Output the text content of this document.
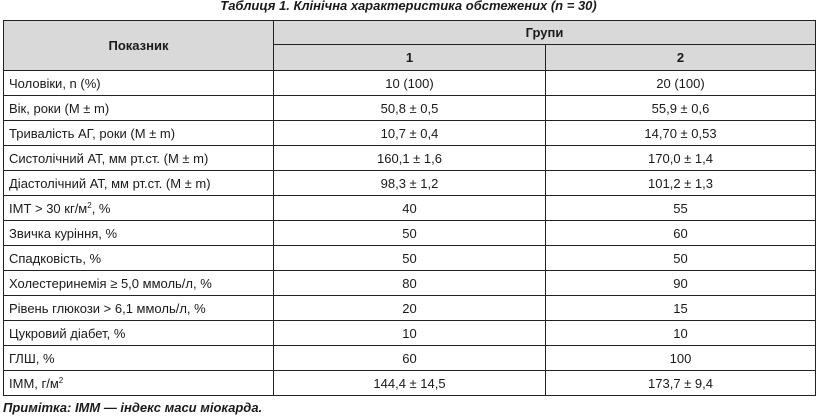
Таблиця 1. Клінічна характеристика обстежених (n = 30)
Показник	Групи	
	1	2
Чоловіки, n (%)	10 (100)	20 (100)
Вік, роки (M ± m)	50,8 ± 0,5	55,9 ± 0,6
Тривалість АГ, роки (M ± m)	10,7 ± 0,4	14,70 ± 0,53
Систолічний АТ, мм рт.ст. (M ± m)	160,1 ± 1,6	170,0 ± 1,4
Діастолічний АТ, мм рт.ст. (M ± m)	98,3 ± 1,2	101,2 ± 1,3
ІМТ > 30 $кг/м^2$, %	40	55
Звичка куріння, %	50	60
Спадковість, %	50	50
Холестеринемія ≥ 5,0 ммоль/л, %	80	90
Рівень глюкози > 6,1 ммоль/л, %	20	15
Цукровий діабет, %	10	10
ГЛШ, %	60	100
ІММ, $г/м^2$	144,4 ± 14,5	173,7 ± 9,4
Примітка: ІММ — індекс маси міокарда.
